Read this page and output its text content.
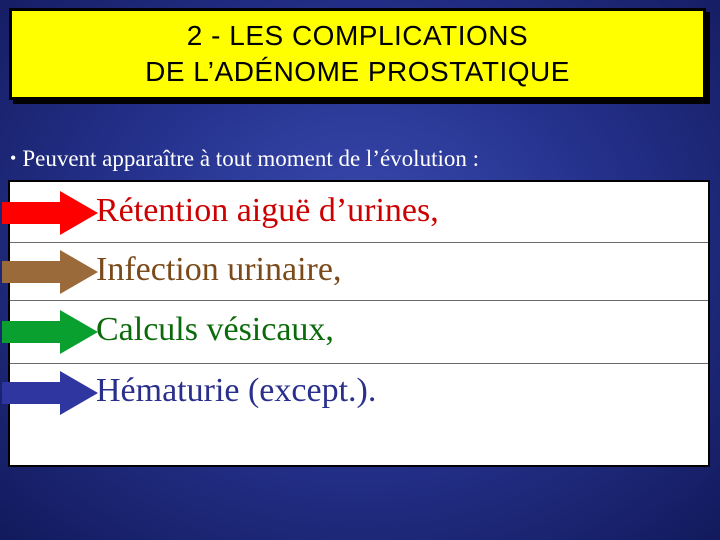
2 - LES COMPLICATIONS
DE L’ADÉNOME PROSTATIQUE
• Peuvent apparaître à tout moment de l’évolution :
Rétention aiguë d’urines,
Infection urinaire,
Calculs vésicaux,
Hématurie (except.).
